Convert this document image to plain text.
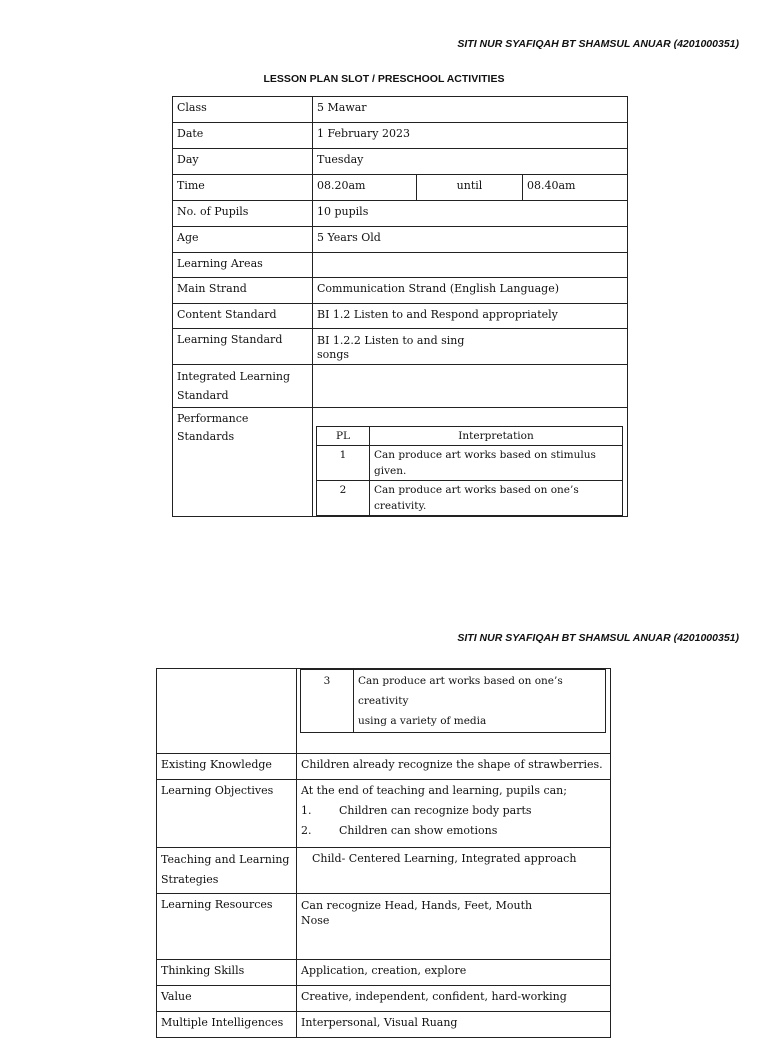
SITI NUR SYAFIQAH BT SHAMSUL ANUAR (4201000351)
LESSON PLAN SLOT / PRESCHOOL ACTIVITIES
Class	5 Mawar
Date	1 February 2023
Day	Tuesday
Time	08.20am	until	08.40am
No. of Pupils	10 pupils
Age	5 Years Old
Learning Areas	
Main Strand	Communication Strand (English Language)
Content Standard	BI 1.2 Listen to and Respond appropriately
Learning Standard	BI 1.2.2 Listen to and sing
songs

Integrated Learning Standard	
Performance Standards		PL	Interpretation
1	Can produce art works based on stimulus given.
2	Can produce art works based on one’s creativity.
SITI NUR SYAFIQAH BT SHAMSUL ANUAR (4201000351)

3	Can produce art works based on one’s creativity
using a variety of media

Existing Knowledge	Children already recognize the shape of strawberries.
Learning Objectives	At the end of teaching and learning, pupils can;
1.	Children can recognize body parts
2.	Children can show emotions

Teaching and Learning Strategies	Child- Centered Learning, Integrated approach
Learning Resources	Can recognize Head, Hands, Feet, Mouth
Nose

Thinking Skills	Application, creation, explore
Value	Creative, independent, confident, hard-working
Multiple Intelligences	Interpersonal, Visual Ruang
